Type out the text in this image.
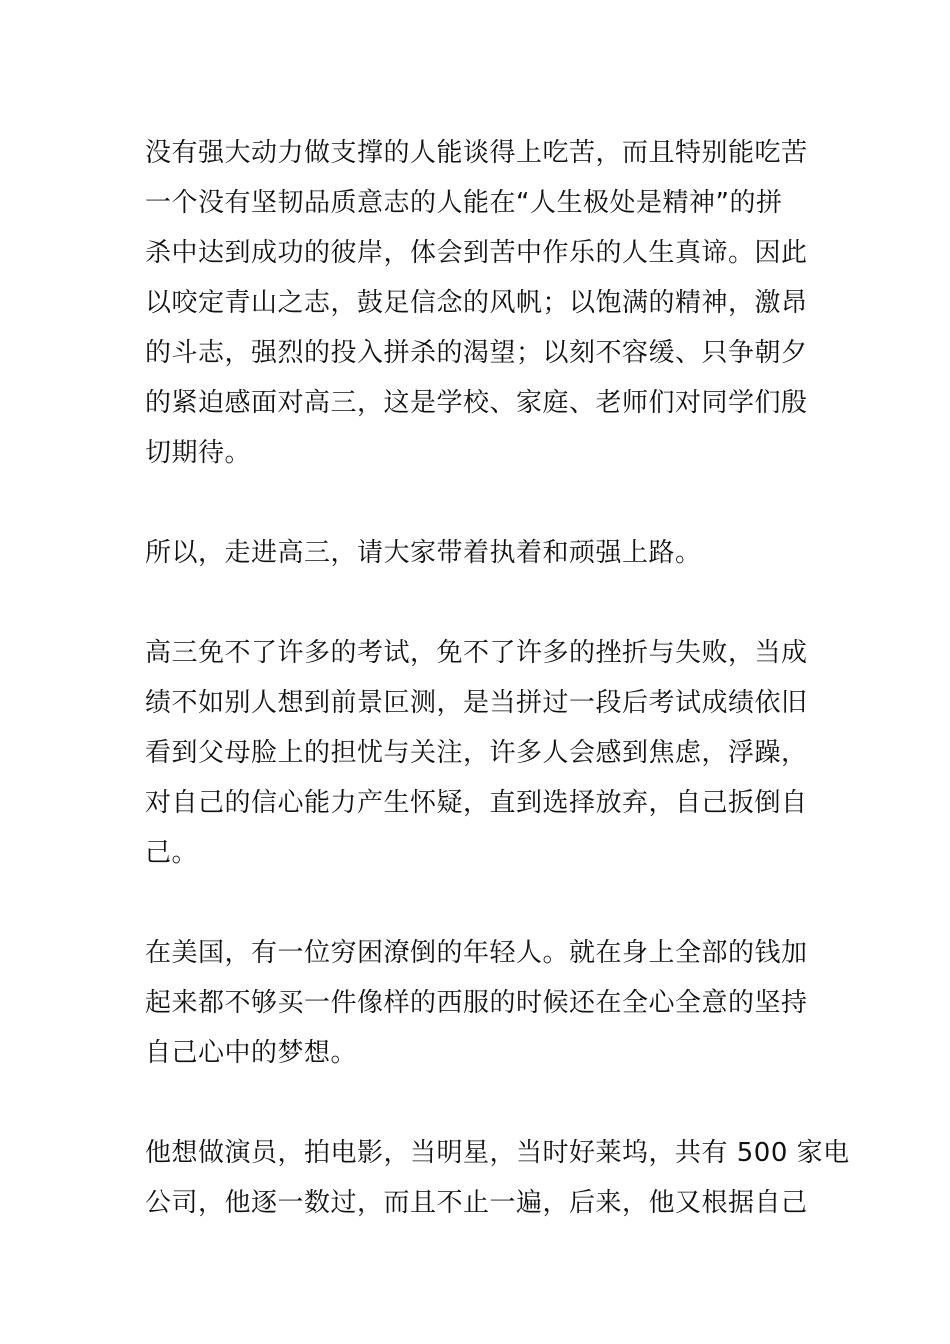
没有强大动力做支撑的人能谈得上吃苦，而且特别能吃苦
一个没有坚韧品质意志的人能在“人生极处是精神”的拼
杀中达到成功的彼岸，体会到苦中作乐的人生真谛。因此
以咬定青山之志，鼓足信念的风帆；以饱满的精神，激昂
的斗志，强烈的投入拼杀的渴望；以刻不容缓、只争朝夕
的紧迫感面对高三，这是学校、家庭、老师们对同学们殷
切期待。
所以，走进高三，请大家带着执着和顽强上路。
高三免不了许多的考试，免不了许多的挫折与失败，当成
绩不如别人想到前景叵测，是当拼过一段后考试成绩依旧
看到父母脸上的担忧与关注，许多人会感到焦虑，浮躁，
对自己的信心能力产生怀疑，直到选择放弃，自己扳倒自
己。
在美国，有一位穷困潦倒的年轻人。就在身上全部的钱加
起来都不够买一件像样的西服的时候还在全心全意的坚持
自己心中的梦想。
他想做演员，拍电影，当明星，当时好莱坞，共有 500 家电
公司，他逐一数过，而且不止一遍，后来，他又根据自己
